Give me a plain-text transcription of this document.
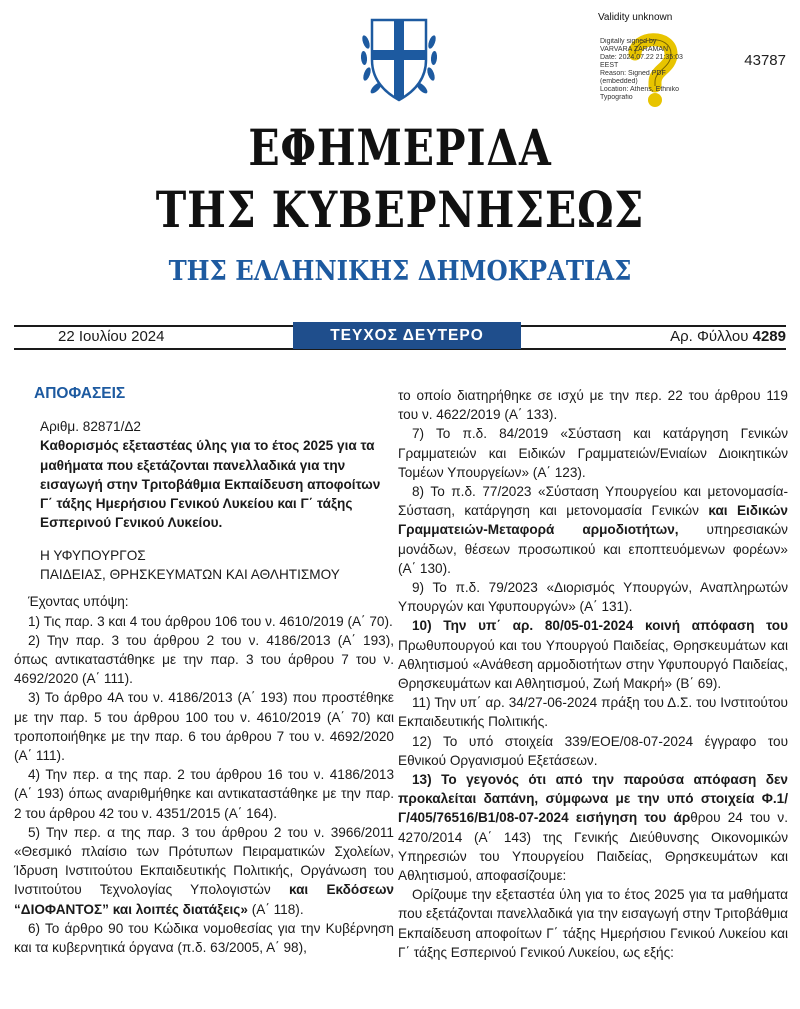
43787
Validity unknown
Digitally signed by
VARVARA ZARAMAN
Date: 2024.07.22 21:35:03
EEST
Reason: Signed PDF
(embedded)
Location: Athens, Ethniko
Typografio
ΕΦΗΜΕΡΙΔΑ
ΤΗΣ ΚΥΒΕΡΝΗΣΕΩΣ
ΤΗΣ ΕΛΛΗΝΙΚΗΣ ΔΗΜΟΚΡΑΤΙΑΣ
22 Ιουλίου 2024	ΤΕΥΧΟΣ ΔΕΥΤΕΡΟ	Αρ. Φύλλου 4289
ΑΠΟΦΑΣΕΙΣ

Αριθμ. 82871/Δ2

Καθορισμός εξεταστέας ύλης για το έτος 2025 για τα μαθήματα που εξετάζονται πανελλαδικά για την εισαγωγή στην Τριτοβάθμια Εκπαίδευση αποφοίτων Γ΄ τάξης Ημερήσιου Γενικού Λυκείου και Γ΄ τάξης Εσπερινού Γενικού Λυκείου.

Η ΥΦΥΠΟΥΡΓΟΣ
ΠΑΙΔΕΙΑΣ, ΘΡΗΣΚΕΥΜΑΤΩΝ ΚΑΙ ΑΘΛΗΤΙΣΜΟΥ

Έχοντας υπόψη:

1) Τις παρ. 3 και 4 του άρθρου 106 του ν. 4610/2019 (Α΄ 70).

2) Την παρ. 3 του άρθρου 2 του ν. 4186/2013 (Α΄ 193), όπως αντικαταστάθηκε με την παρ. 3 του άρθρου 7 του ν. 4692/2020 (Α΄ 111).

3) Το άρθρο 4Α του ν. 4186/2013 (Α΄ 193) που προστέθηκε με την παρ. 5 του άρθρου 100 του ν. 4610/2019 (Α΄ 70) και τροποποιήθηκε με την παρ. 6 του άρθρου 7 του ν. 4692/2020 (Α΄ 111).

4) Την περ. α της παρ. 2 του άρθρου 16 του ν. 4186/2013 (Α΄ 193) όπως αναριθμήθηκε και αντικαταστάθηκε με την παρ. 2 του άρθρου 42 του ν. 4351/2015 (Α΄ 164).

5) Την περ. α της παρ. 3 του άρθρου 2 του ν. 3966/2011 «Θεσμικό πλαίσιο των Πρότυπων Πειραματικών Σχολείων, Ίδρυση Ινστιτούτου Εκπαιδευτικής Πολιτικής, Οργάνωση του Ινστιτούτου Τεχνολογίας Υπολογιστών και Εκδόσεων “ΔΙΟΦΑΝΤΟΣ” και λοιπές διατάξεις» (Α΄ 118).

6) Το άρθρο 90 του Κώδικα νομοθεσίας για την Κυβέρνηση και τα κυβερνητικά όργανα (π.δ. 63/2005, Α΄ 98),

το οποίο διατηρήθηκε σε ισχύ με την περ. 22 του άρθρου 119 του ν. 4622/2019 (Α΄ 133).

7) Το π.δ. 84/2019 «Σύσταση και κατάργηση Γενικών Γραμματειών και Ειδικών Γραμματειών/Ενιαίων Διοικητικών Τομέων Υπουργείων» (Α΄ 123).

8) Το π.δ. 77/2023 «Σύσταση Υπουργείου και μετονομασία-Σύσταση, κατάργηση και μετονομασία Γενικών και Ειδικών Γραμματειών-Μεταφορά αρμοδιοτήτων, υπηρεσιακών μονάδων, θέσεων προσωπικού και εποπτευόμενων φορέων» (Α΄ 130).

9) Το π.δ. 79/2023 «Διορισμός Υπουργών, Αναπληρωτών Υπουργών και Υφυπουργών» (Α΄ 131).

10) Την υπ΄ αρ. 80/05-01-2024 κοινή απόφαση του Πρωθυπουργού και του Υπουργού Παιδείας, Θρησκευμάτων και Αθλητισμού «Ανάθεση αρμοδιοτήτων στην Υφυπουργό Παιδείας, Θρησκευμάτων και Αθλητισμού, Ζωή Μακρή» (Β΄ 69).

11) Την υπ΄ αρ. 34/27-06-2024 πράξη του Δ.Σ. του Ινστιτούτου Εκπαιδευτικής Πολιτικής.

12) Το υπό στοιχεία 339/ΕΟΕ/08-07-2024 έγγραφο του Εθνικού Οργανισμού Εξετάσεων.

13) Το γεγονός ότι από την παρούσα απόφαση δεν προκαλείται δαπάνη, σύμφωνα με την υπό στοιχεία Φ.1/Γ/405/76516/Β1/08-07-2024 εισήγηση του άρθρου 24 του ν. 4270/2014 (Α΄ 143) της Γενικής Διεύθυνσης Οικονομικών Υπηρεσιών του Υπουργείου Παιδείας, Θρησκευμάτων και Αθλητισμού, αποφασίζουμε:

Ορίζουμε την εξεταστέα ύλη για το έτος 2025 για τα μαθήματα που εξετάζονται πανελλαδικά για την εισαγωγή στην Τριτοβάθμια Εκπαίδευση αποφοίτων Γ΄ τάξης Ημερήσιου Γενικού Λυκείου και Γ΄ τάξης Εσπερινού Γενικού Λυκείου, ως εξής:
